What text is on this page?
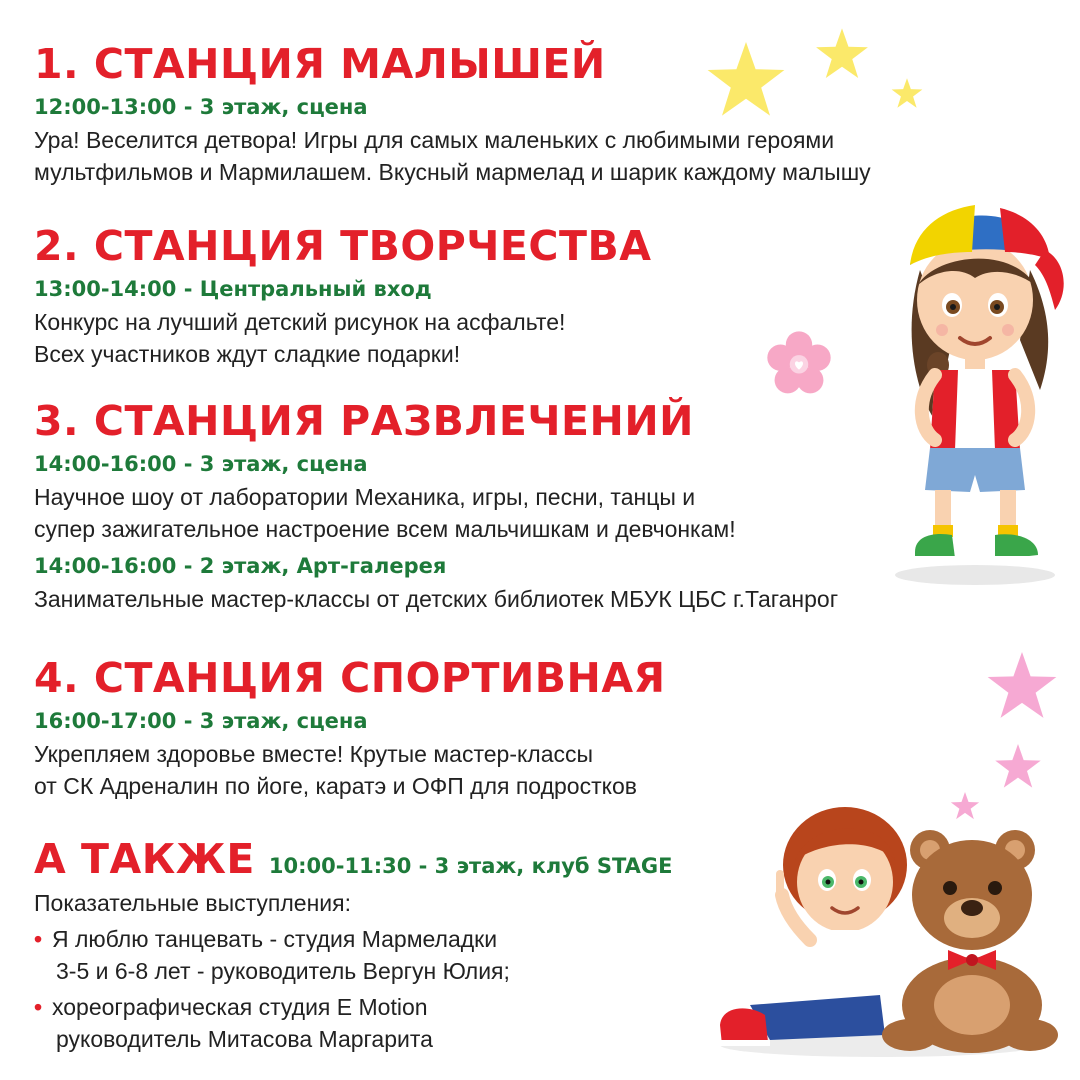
1. СТАНЦИЯ МАЛЫШЕЙ

12:00-13:00 - 3 этаж, сцена

Ура! Веселится детвора! Игры для самых маленьких с любимыми героями
мультфильмов и Мармилашем. Вкусный мармелад и шарик каждому малышу

2. СТАНЦИЯ ТВОРЧЕСТВА

13:00-14:00 - Центральный вход

Конкурс на лучший детский рисунок на асфальте!
Всех участников ждут сладкие подарки!

3. СТАНЦИЯ РАЗВЛЕЧЕНИЙ

14:00-16:00 - 3 этаж, сцена

Научное шоу от лаборатории Механика, игры, песни, танцы и
супер зажигательное настроение всем мальчишкам и девчонкам!

14:00-16:00 - 2 этаж, Арт-галерея

Занимательные мастер-классы от детских библиотек МБУК ЦБС г.Таганрог

4. СТАНЦИЯ СПОРТИВНАЯ

16:00-17:00 - 3 этаж, сцена

Укрепляем здоровье вместе! Крутые мастер-классы
от СК Адреналин по йоге, каратэ и ОФП для подростков

А ТАКЖЕ 10:00-11:30 - 3 этаж, клуб STAGE

Показательные выступления:

• Я люблю танцевать - студия Мармеладки
3-5 и 6-8 лет - руководитель Вергун Юлия;
• хореографическая студия E Motion
руководитель Митасова Маргарита
